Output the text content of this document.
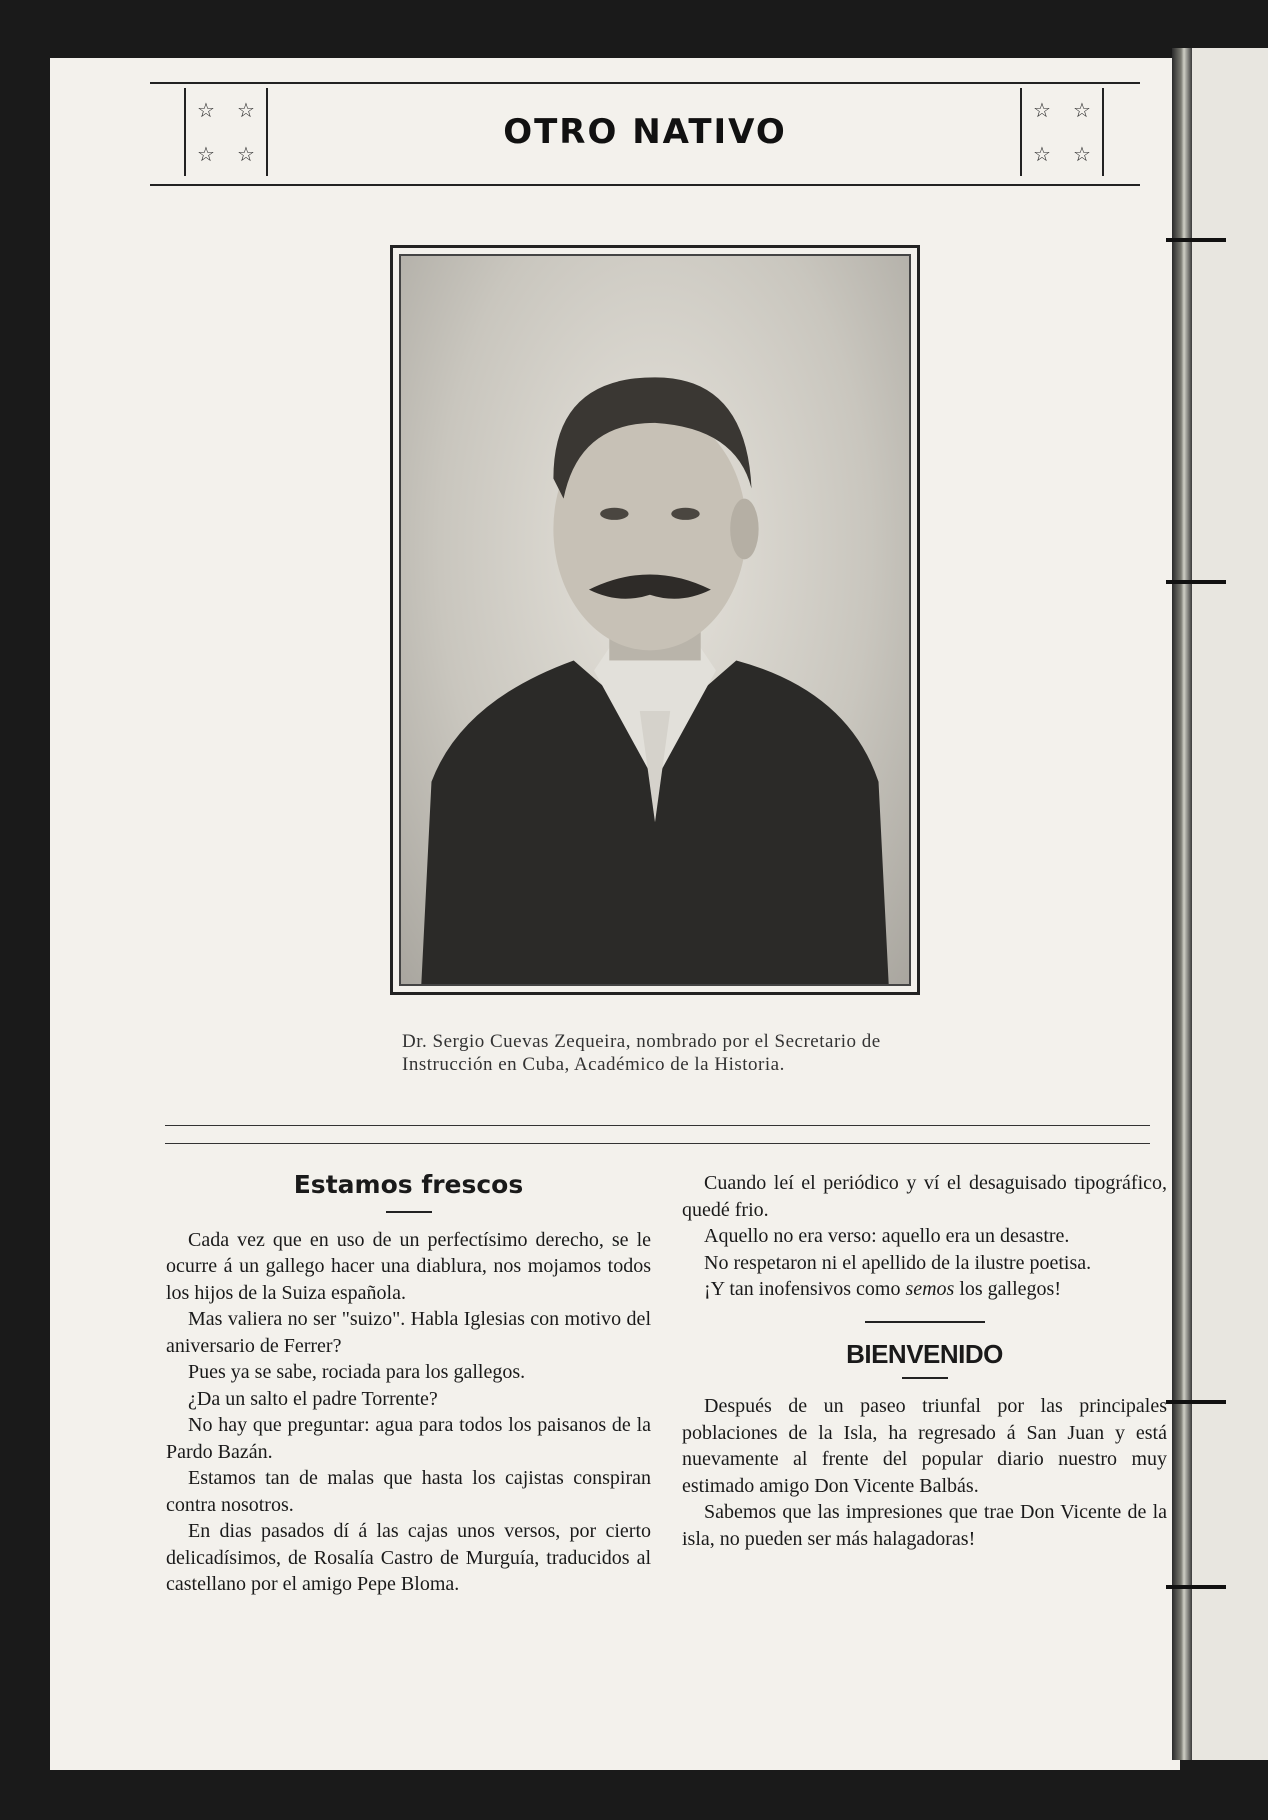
☆ ☆
☆ ☆
OTRO NATIVO
☆ ☆
☆ ☆
Dr. Sergio Cuevas Zequeira, nombrado por el Secretario de Instrucción en Cuba, Académico de la Historia.
Estamos frescos

Cada vez que en uso de un perfectísimo derecho, se le ocurre á un gallego hacer una diablura, nos mojamos todos los hijos de la Suiza española.

Mas valiera no ser "suizo". Habla Iglesias con motivo del aniversario de Ferrer?

Pues ya se sabe, rociada para los gallegos.

¿Da un salto el padre Torrente?

No hay que preguntar: agua para todos los paisanos de la Pardo Bazán.

Estamos tan de malas que hasta los cajistas conspiran contra nosotros.

En dias pasados dí á las cajas unos versos, por cierto delicadísimos, de Rosalía Castro de Murguía, traducidos al castellano por el amigo Pepe Bloma.

Cuando leí el periódico y ví el desaguisado tipográfico, quedé frio.

Aquello no era verso: aquello era un desastre.

No respetaron ni el apellido de la ilustre poetisa.

¡Y tan inofensivos como semos los gallegos!

BIENVENIDO

Después de un paseo triunfal por las principales poblaciones de la Isla, ha regresado á San Juan y está nuevamente al frente del popular diario nuestro muy estimado amigo Don Vicente Balbás.

Sabemos que las impresiones que trae Don Vicente de la isla, no pueden ser más halagadoras!
